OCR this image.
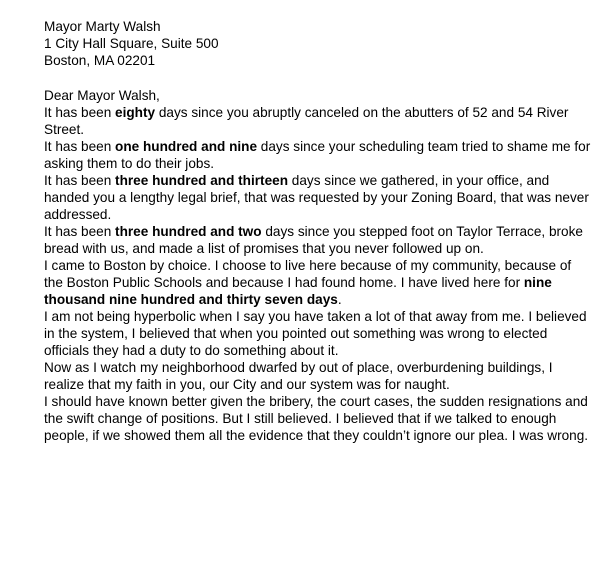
Mayor Marty Walsh

1 City Hall Square, Suite 500

Boston, MA 02201

Dear Mayor Walsh,

It has been eighty days since you abruptly canceled on the abutters of 52 and 54 River Street.

It has been one hundred and nine days since your scheduling team tried to shame me for asking them to do their jobs.

It has been three hundred and thirteen days since we gathered, in your office, and handed you a lengthy legal brief, that was requested by your Zoning Board, that was never addressed.

It has been three hundred and two days since you stepped foot on Taylor Terrace, broke bread with us, and made a list of promises that you never followed up on.

I came to Boston by choice. I choose to live here because of my community, because of the Boston Public Schools and because I had found home. I have lived here for nine thousand nine hundred and thirty seven days.

I am not being hyperbolic when I say you have taken a lot of that away from me. I believed in the system, I believed that when you pointed out something was wrong to elected officials they had a duty to do something about it.

Now as I watch my neighborhood dwarfed by out of place, overburdening buildings, I realize that my faith in you, our City and our system was for naught.

I should have known better given the bribery, the court cases, the sudden resignations and the swift change of positions. But I still believed. I believed that if we talked to enough people, if we showed them all the evidence that they couldn’t ignore our plea. I was wrong.
